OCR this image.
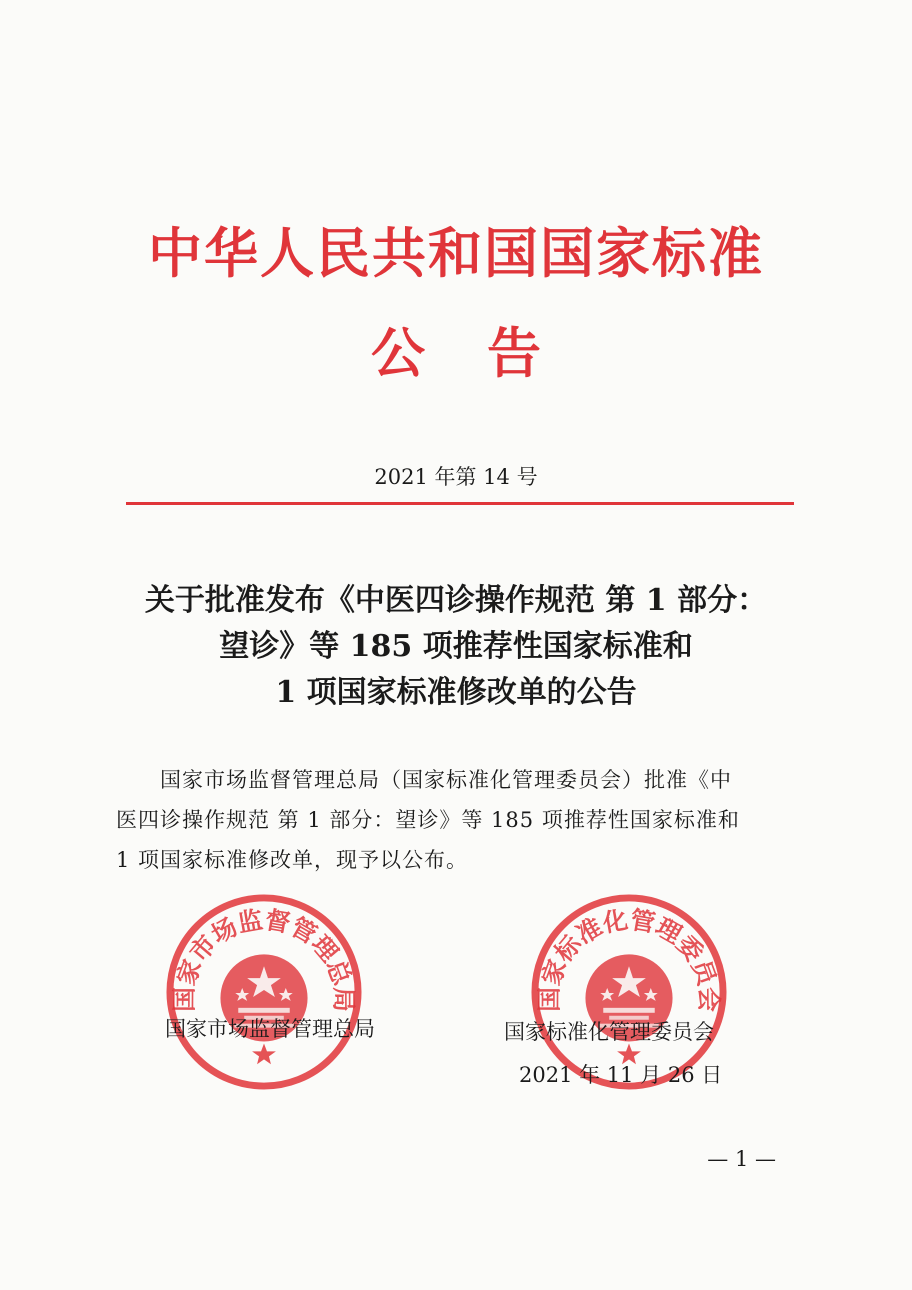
中华人民共和国国家标准
公告
2021 年第 14 号
关于批准发布《中医四诊操作规范 第 1 部分：
望诊》等 185 项推荐性国家标准和
1 项国家标准修改单的公告
国家市场监督管理总局（国家标准化管理委员会）批准《中
医四诊操作规范 第 1 部分：望诊》等 185 项推荐性国家标准和
1 项国家标准修改单，现予以公布。
国家市场监督管理总局	国家标准化管理委员会
国家市场监督管理总局	国家标准化管理委员会
2021 年 11 月 26 日
— 1 —
